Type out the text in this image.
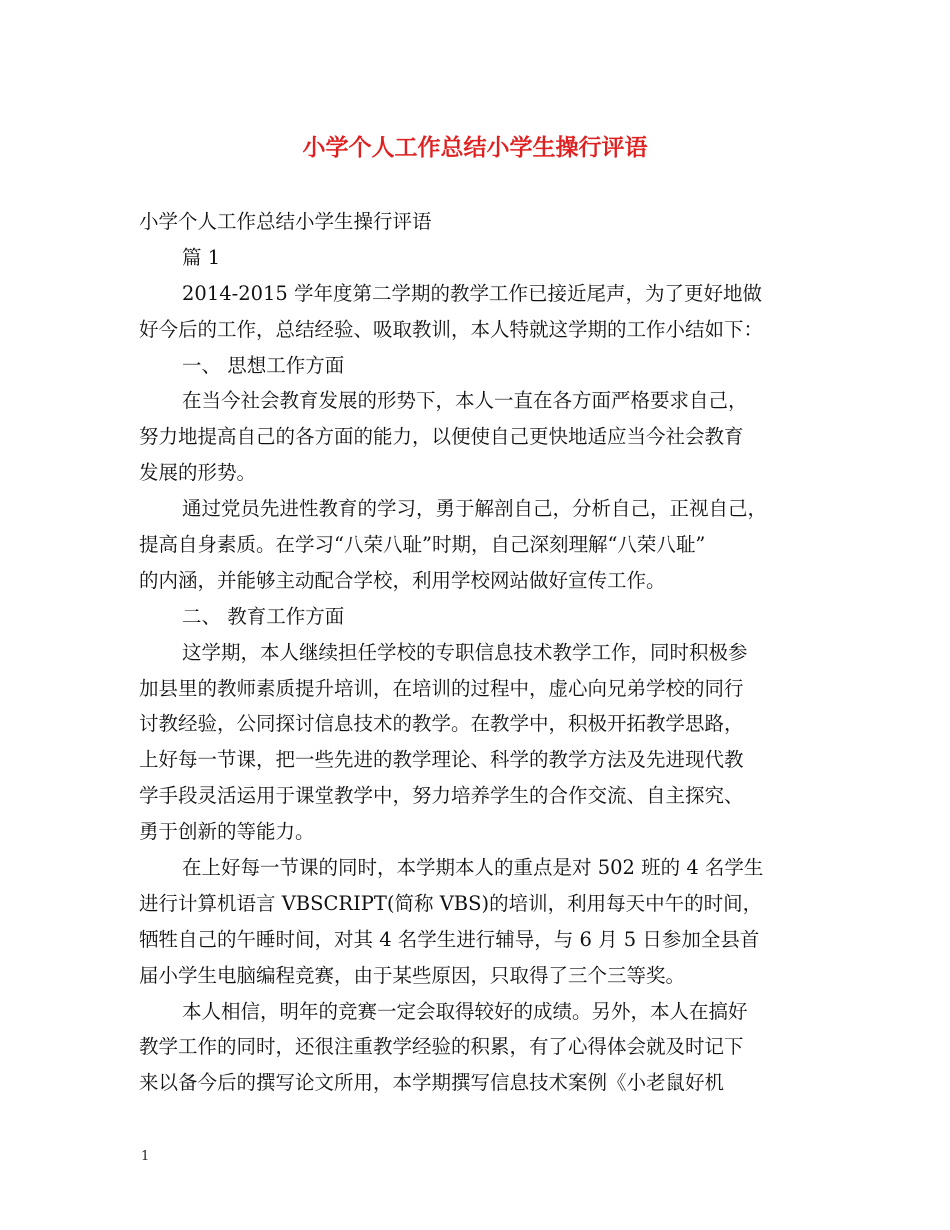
小学个人工作总结小学生操行评语
小学个人工作总结小学生操行评语
篇 1
2014-2015 学年度第二学期的教学工作已接近尾声，为了更好地做
好今后的工作，总结经验、吸取教训，本人特就这学期的工作小结如下：
一、 思想工作方面
在当今社会教育发展的形势下，本人一直在各方面严格要求自己，
努力地提高自己的各方面的能力，以便使自己更快地适应当今社会教育
发展的形势。
通过党员先进性教育的学习，勇于解剖自己，分析自己，正视自己，
提高自身素质。在学习“八荣八耻”时期，自己深刻理解“八荣八耻”
的内涵，并能够主动配合学校，利用学校网站做好宣传工作。
二、 教育工作方面
这学期，本人继续担任学校的专职信息技术教学工作，同时积极参
加县里的教师素质提升培训，在培训的过程中，虚心向兄弟学校的同行
讨教经验，公同探讨信息技术的教学。在教学中，积极开拓教学思路，
上好每一节课，把一些先进的教学理论、科学的教学方法及先进现代教
学手段灵活运用于课堂教学中，努力培养学生的合作交流、自主探究、
勇于创新的等能力。
在上好每一节课的同时，本学期本人的重点是对 502 班的 4 名学生
进行计算机语言 VBSCRIPT(简称 VBS)的培训，利用每天中午的时间，
牺牲自己的午睡时间，对其 4 名学生进行辅导，与 6 月 5 日参加全县首
届小学生电脑编程竞赛，由于某些原因，只取得了三个三等奖。
本人相信，明年的竞赛一定会取得较好的成绩。另外，本人在搞好
教学工作的同时，还很注重教学经验的积累，有了心得体会就及时记下
来以备今后的撰写论文所用，本学期撰写信息技术案例《小老鼠好机
1
